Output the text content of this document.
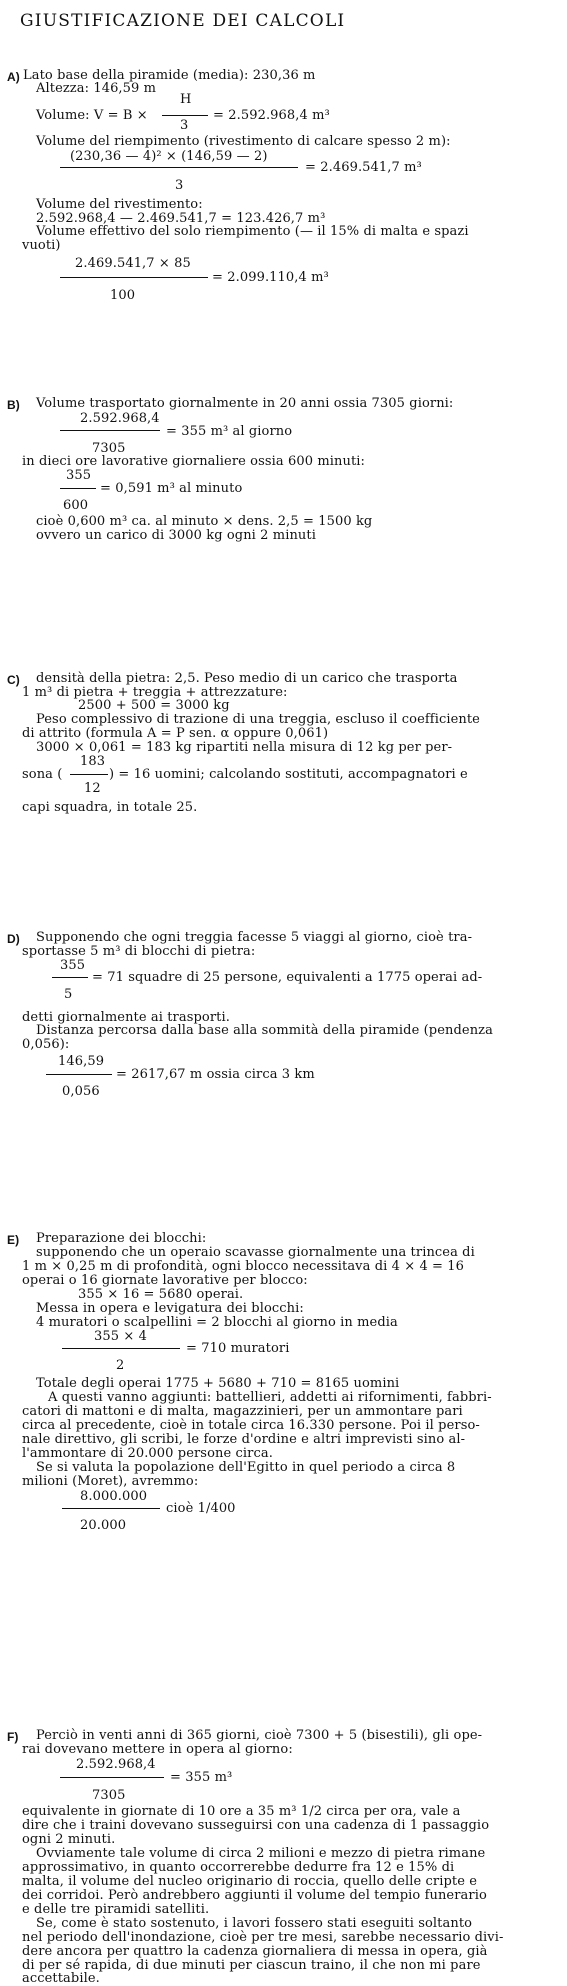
GIUSTIFICAZIONE DEI CALCOLI
A) Lato base della piramide (media): 230,36 m
Altezza: 146,59 m
Volume: V = B ×
H
3
= 2.592.968,4 m³
Volume del riempimento (rivestimento di calcare spesso 2 m):
(230,36 — 4)² × (146,59 — 2)
= 2.469.541,7 m³
3
Volume del rivestimento:
2.592.968,4 — 2.469.541,7 = 123.426,7 m³
Volume effettivo del solo riempimento (— il 15% di malta e spazi
vuoti)
2.469.541,7 × 85
= 2.099.110,4 m³
100
B) Volume trasportato giornalmente in 20 anni ossia 7305 giorni:
2.592.968,4
= 355 m³ al giorno
7305
in dieci ore lavorative giornaliere ossia 600 minuti:
355
= 0,591 m³ al minuto
600
cioè 0,600 m³ ca. al minuto × dens. 2,5 = 1500 kg
ovvero un carico di 3000 kg ogni 2 minuti
C) densità della pietra: 2,5. Peso medio di un carico che trasporta
1 m³ di pietra + treggia + attrezzature:
2500 + 500 = 3000 kg
Peso complessivo di trazione di una treggia, escluso il coefficiente
di attrito (formula A = P sen. α oppure 0,061)
3000 × 0,061 = 183 kg ripartiti nella misura di 12 kg per per-
183
sona (	) = 16 uomini; calcolando sostituti, accompagnatori e
12
capi squadra, in totale 25.
D) Supponendo che ogni treggia facesse 5 viaggi al giorno, cioè tra-
sportasse 5 m³ di blocchi di pietra:
355
= 71 squadre di 25 persone, equivalenti a 1775 operai ad-
5
detti giornalmente ai trasporti.
Distanza percorsa dalla base alla sommità della piramide (pendenza
0,056):
146,59
= 2617,67 m ossia circa 3 km
0,056
E) Preparazione dei blocchi:
supponendo che un operaio scavasse giornalmente una trincea di
1 m × 0,25 m di profondità, ogni blocco necessitava di 4 × 4 = 16
operai o 16 giornate lavorative per blocco:
355 × 16 = 5680 operai.
Messa in opera e levigatura dei blocchi:
4 muratori o scalpellini = 2 blocchi al giorno in media
355 × 4
= 710 muratori
2
Totale degli operai 1775 + 5680 + 710 = 8165 uomini
A questi vanno aggiunti: battellieri, addetti ai rifornimenti, fabbri-
catori di mattoni e di malta, magazzinieri, per un ammontare pari
circa al precedente, cioè in totale circa 16.330 persone. Poi il perso-
nale direttivo, gli scribi, le forze d'ordine e altri imprevisti sino al-
l'ammontare di 20.000 persone circa.
Se si valuta la popolazione dell'Egitto in quel periodo a circa 8
milioni (Moret), avremmo:
8.000.000
cioè 1/400
20.000
F) Perciò in venti anni di 365 giorni, cioè 7300 + 5 (bisestili), gli ope-
rai dovevano mettere in opera al giorno:
2.592.968,4
= 355 m³
7305
equivalente in giornate di 10 ore a 35 m³ 1/2 circa per ora, vale a
dire che i traini dovevano susseguirsi con una cadenza di 1 passaggio
ogni 2 minuti.
Ovviamente tale volume di circa 2 milioni e mezzo di pietra rimane
approssimativo, in quanto occorrerebbe dedurre fra 12 e 15% di
malta, il volume del nucleo originario di roccia, quello delle cripte e
dei corridoi. Però andrebbero aggiunti il volume del tempio funerario
e delle tre piramidi satelliti.
Se, come è stato sostenuto, i lavori fossero stati eseguiti soltanto
nel periodo dell'inondazione, cioè per tre mesi, sarebbe necessario divi-
dere ancora per quattro la cadenza giornaliera di messa in opera, già
di per sé rapida, di due minuti per ciascun traino, il che non mi pare
accettabile.
